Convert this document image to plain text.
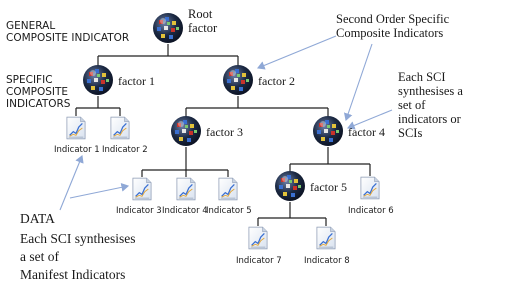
GENERAL
COMPOSITE INDICATOR
SPECIFIC
COMPOSITE
INDICATORS
Root
factor
Second Order Specific
Composite Indicators
Each SCI
synthesises a
set of
indicators or
SCIs
DATA
Each SCI synthesises
a set of
Manifest Indicators
factor 1	factor 2
factor 3	factor 4
factor 5
Indicator 1 Indicator 2
Indicator 3 Indicator 4
Indicator 5	Indicator 6
Indicator 7	Indicator 8
